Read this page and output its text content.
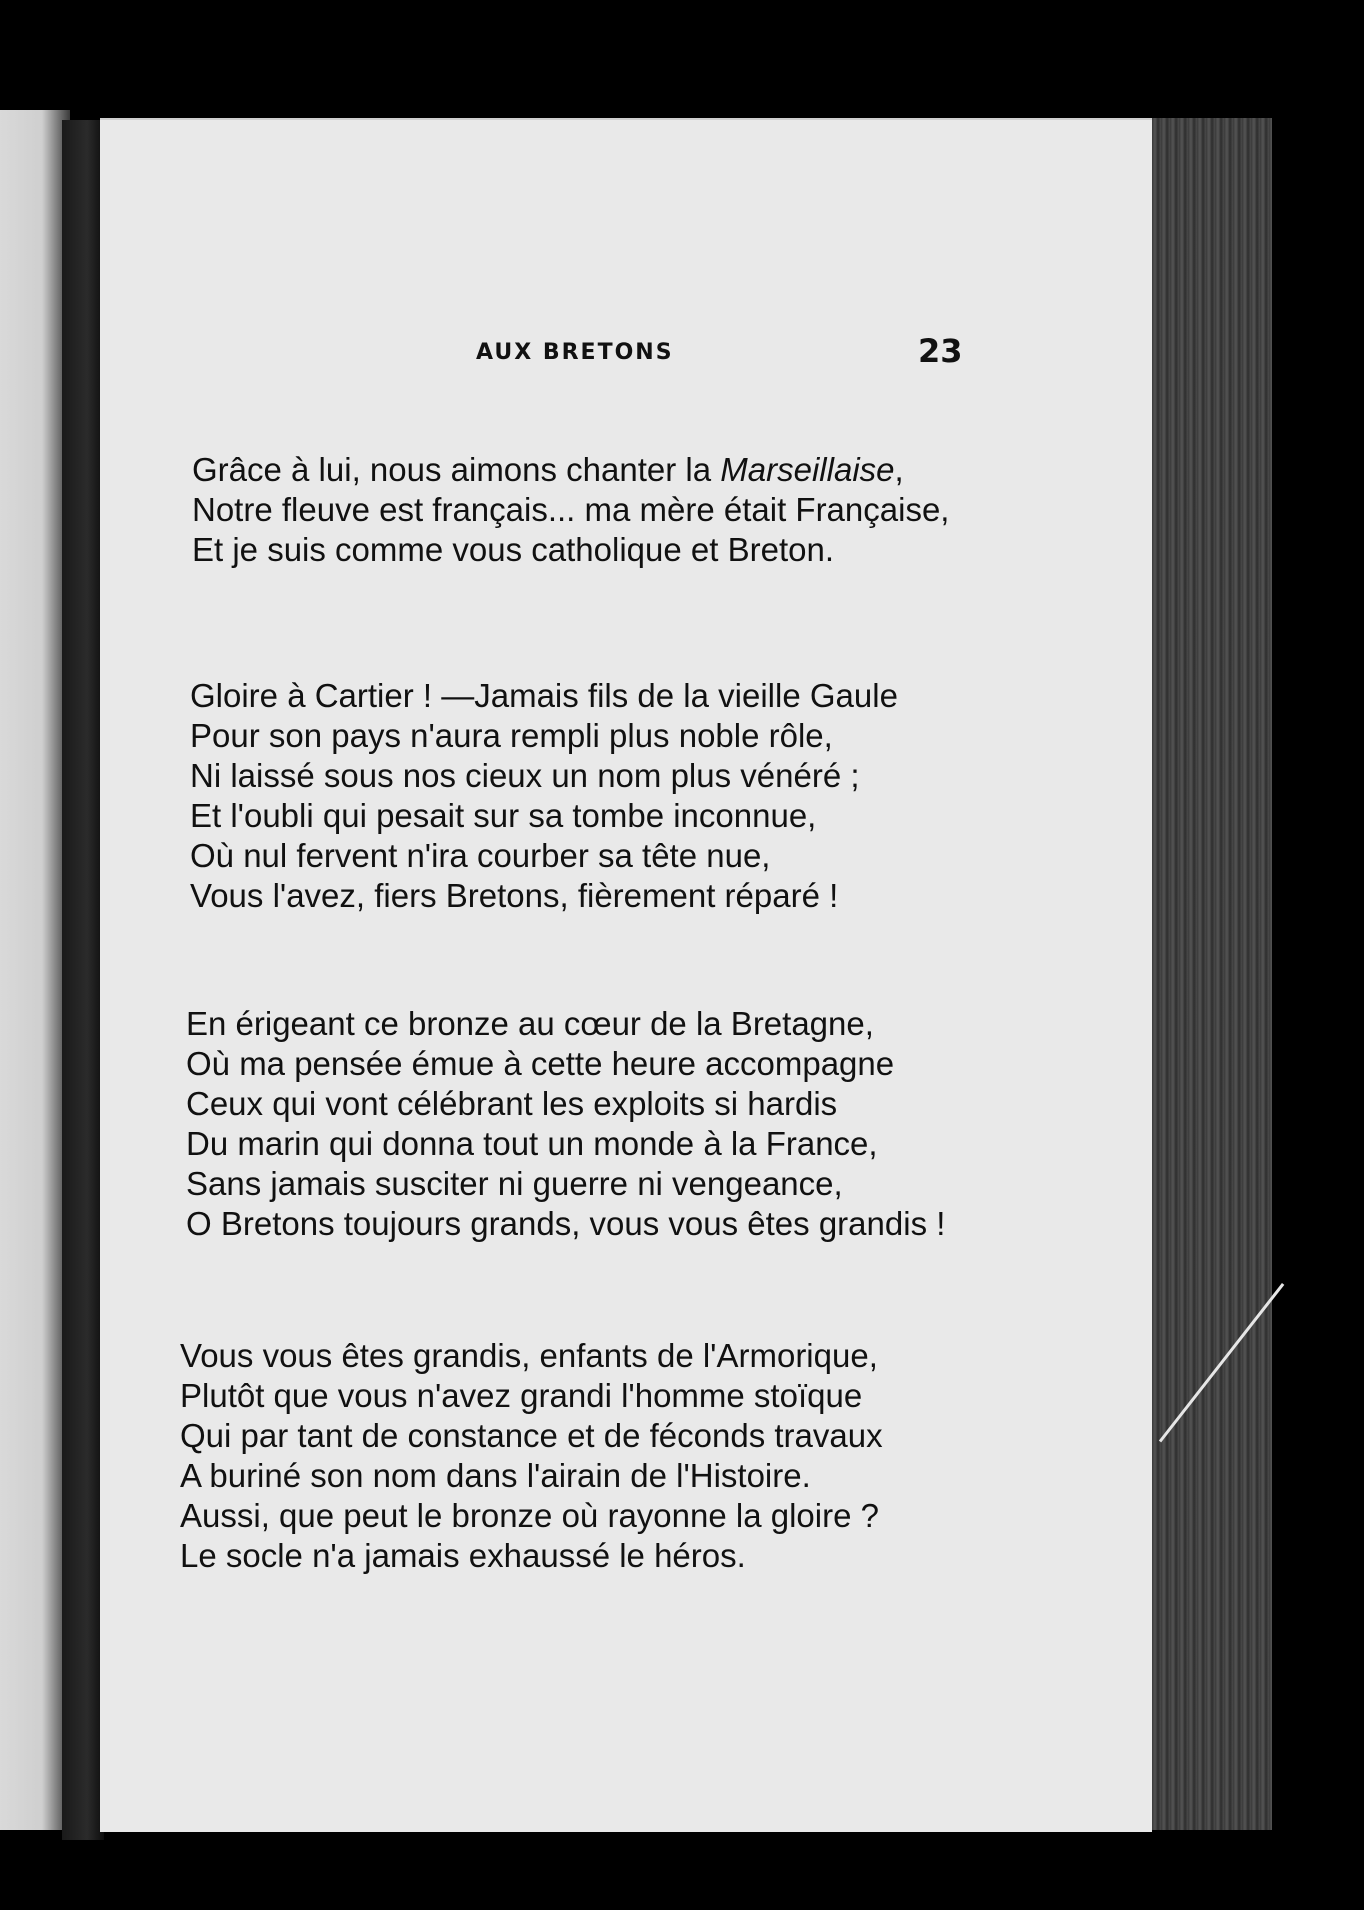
AUX BRETONS	23
Grâce à lui, nous aimons chanter la Marseillaise,
Notre fleuve est français... ma mère était Française,
Et je suis comme vous catholique et Breton.
Gloire à Cartier ! —Jamais fils de la vieille Gaule
Pour son pays n'aura rempli plus noble rôle,
Ni laissé sous nos cieux un nom plus vénéré ;
Et l'oubli qui pesait sur sa tombe inconnue,
Où nul fervent n'ira courber sa tête nue,
Vous l'avez, fiers Bretons, fièrement réparé !
En érigeant ce bronze au cœur de la Bretagne,
Où ma pensée émue à cette heure accompagne
Ceux qui vont célébrant les exploits si hardis
Du marin qui donna tout un monde à la France,
Sans jamais susciter ni guerre ni vengeance,
O Bretons toujours grands, vous vous êtes grandis !
Vous vous êtes grandis, enfants de l'Armorique,
Plutôt que vous n'avez grandi l'homme stoïque
Qui par tant de constance et de féconds travaux
A buriné son nom dans l'airain de l'Histoire.
Aussi, que peut le bronze où rayonne la gloire ?
Le socle n'a jamais exhaussé le héros.
